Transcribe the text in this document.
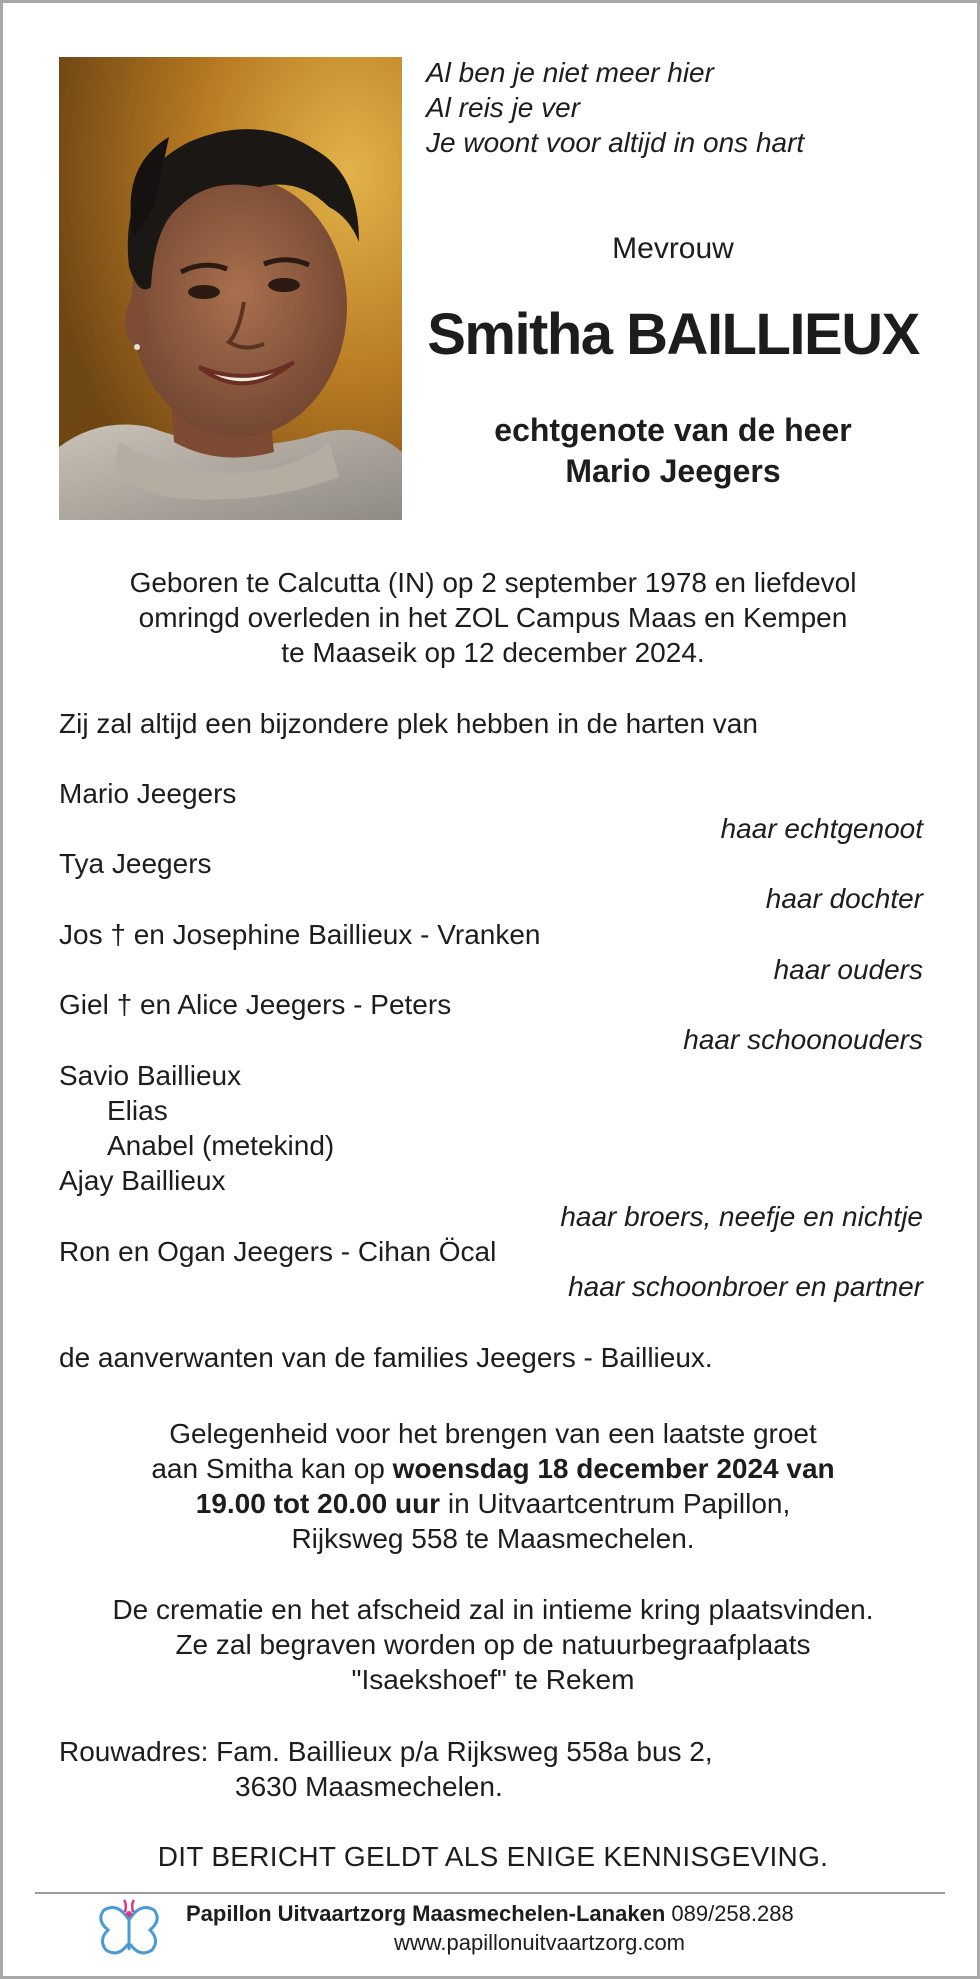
Al ben je niet meer hier
Al reis je ver
Je woont voor altijd in ons hart
Mevrouw
Smitha BAILLIEUX
echtgenote van de heer
Mario Jeegers
Geboren te Calcutta (IN) op 2 september 1978 en liefdevol
omringd overleden in het ZOL Campus Maas en Kempen
te Maaseik op 12 december 2024.
Zij zal altijd een bijzondere plek hebben in de harten van
Mario Jeegers
haar echtgenoot
Tya Jeegers
haar dochter
Jos † en Josephine Baillieux - Vranken
haar ouders
Giel † en Alice Jeegers - Peters
haar schoonouders
Savio Baillieux
Elias
Anabel (metekind)
Ajay Baillieux
haar broers, neefje en nichtje
Ron en Ogan Jeegers - Cihan Öcal
haar schoonbroer en partner
de aanverwanten van de families Jeegers - Baillieux.
Gelegenheid voor het brengen van een laatste groet
aan Smitha kan op woensdag 18 december 2024 van
19.00 tot 20.00 uur in Uitvaartcentrum Papillon,
Rijksweg 558 te Maasmechelen.
De crematie en het afscheid zal in intieme kring plaatsvinden.
Ze zal begraven worden op de natuurbegraafplaats
"Isaekshoef" te Rekem
Rouwadres: Fam. Baillieux p/a Rijksweg 558a bus 2,
3630 Maasmechelen.
DIT BERICHT GELDT ALS ENIGE KENNISGEVING.
Papillon Uitvaartzorg Maasmechelen-Lanaken 089/258.288
www.papillonuitvaartzorg.com
